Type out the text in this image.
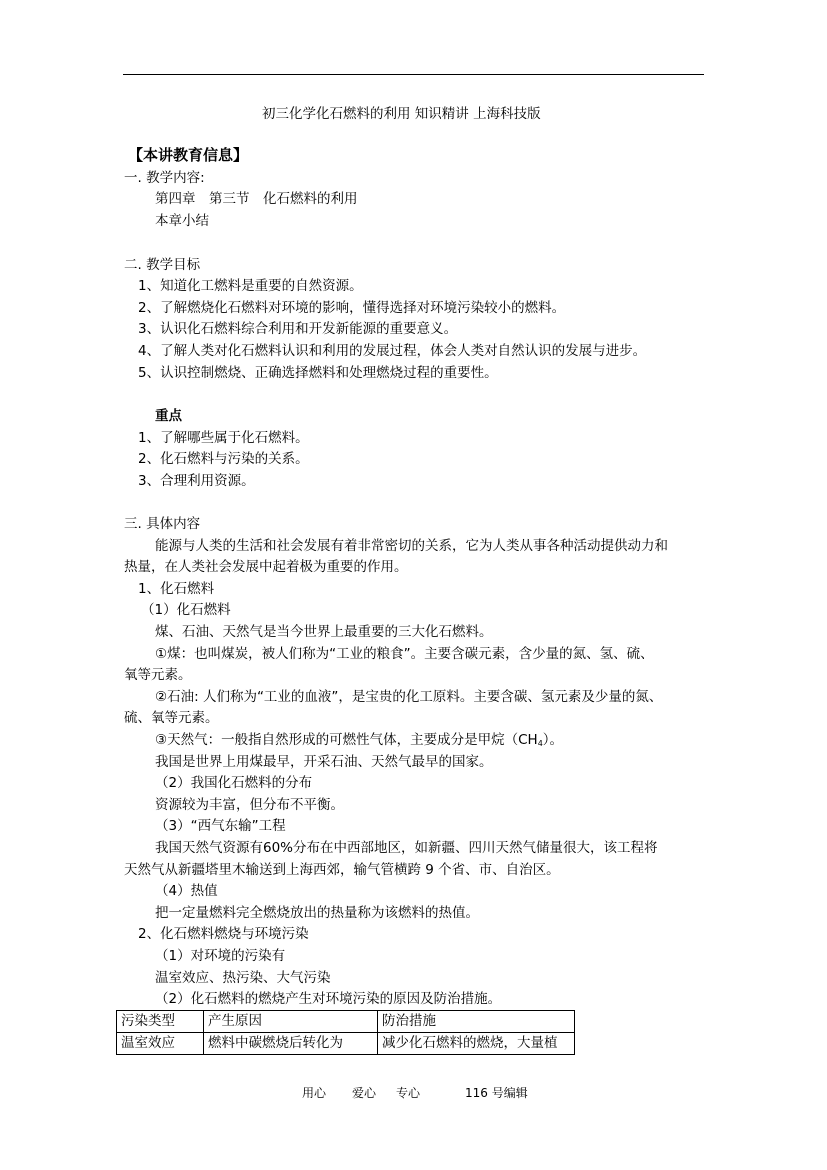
初三化学化石燃料的利用 知识精讲 上海科技版
【本讲教育信息】
一. 教学内容:
第四章　第三节　化石燃料的利用
本章小结
二. 教学目标
1、知道化工燃料是重要的自然资源。
2、了解燃烧化石燃料对环境的影响，懂得选择对环境污染较小的燃料。
3、认识化石燃料综合利用和开发新能源的重要意义。
4、了解人类对化石燃料认识和利用的发展过程，体会人类对自然认识的发展与进步。
5、认识控制燃烧、正确选择燃料和处理燃烧过程的重要性。
重点
1、了解哪些属于化石燃料。
2、化石燃料与污染的关系。
3、合理利用资源。
三. 具体内容
能源与人类的生活和社会发展有着非常密切的关系，它为人类从事各种活动提供动力和
热量，在人类社会发展中起着极为重要的作用。
1、化石燃料
（1）化石燃料
煤、石油、天然气是当今世界上最重要的三大化石燃料。
①煤：也叫煤炭，被人们称为“工业的粮食”。主要含碳元素，含少量的氮、氢、硫、
氧等元素。
②石油: 人们称为“工业的血液”，是宝贵的化工原料。主要含碳、氢元素及少量的氮、
硫、氧等元素。
③天然气：一般指自然形成的可燃性气体，主要成分是甲烷$(CH_4)$。
我国是世界上用煤最早，开采石油、天然气最早的国家。
（2）我国化石燃料的分布
资源较为丰富，但分布不平衡。
（3）“西气东输”工程
我国天然气资源有60%分布在中西部地区，如新疆、四川天然气储量很大，该工程将
天然气从新疆塔里木输送到上海西郊，输气管横跨 9 个省、市、自治区。
（4）热值
把一定量燃料完全燃烧放出的热量称为该燃料的热值。
2、化石燃料燃烧与环境污染
（1）对环境的污染有
温室效应、热污染、大气污染
（2）化石燃料的燃烧产生对环境污染的原因及防治措施。
污染类型	产生原因	防治措施
温室效应	燃料中碳燃烧后转化为	减少化石燃料的燃烧，大量植
用心 爱心 专心	116 号编辑
